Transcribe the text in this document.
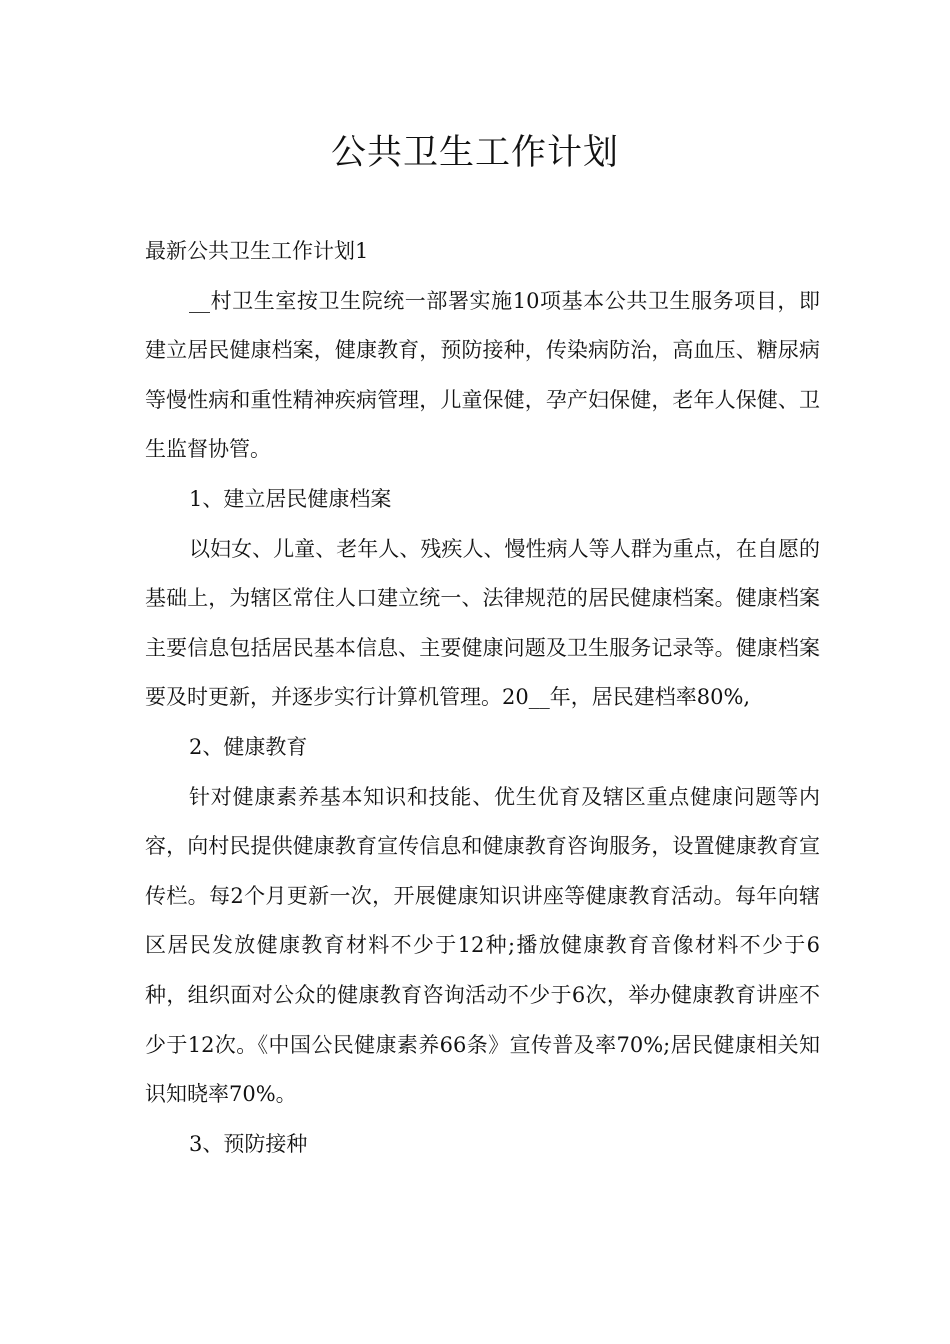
公共卫生工作计划

最新公共卫生工作计划1

__村卫生室按卫生院统一部署实施10项基本公共卫生服务项目，即建立居民健康档案，健康教育，预防接种，传染病防治，高血压、糖尿病等慢性病和重性精神疾病管理，儿童保健，孕产妇保健，老年人保健、卫生监督协管。

1、建立居民健康档案

以妇女、儿童、老年人、残疾人、慢性病人等人群为重点，在自愿的基础上，为辖区常住人口建立统一、法律规范的居民健康档案。健康档案主要信息包括居民基本信息、主要健康问题及卫生服务记录等。健康档案要及时更新，并逐步实行计算机管理。20__年，居民建档率80%,

2、健康教育

针对健康素养基本知识和技能、优生优育及辖区重点健康问题等内容，向村民提供健康教育宣传信息和健康教育咨询服务，设置健康教育宣传栏。每2个月更新一次，开展健康知识讲座等健康教育活动。每年向辖区居民发放健康教育材料不少于12种;播放健康教育音像材料不少于6种，组织面对公众的健康教育咨询活动不少于6次，举办健康教育讲座不少于12次。《中国公民健康素养66条》宣传普及率70%;居民健康相关知识知晓率70%。

3、预防接种
